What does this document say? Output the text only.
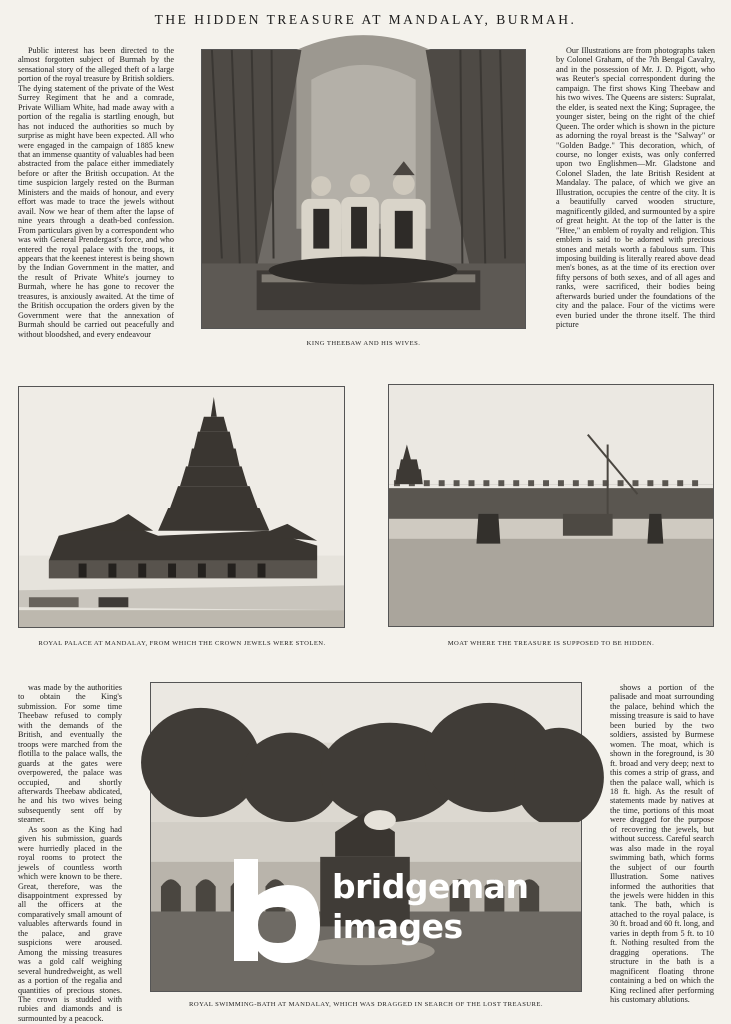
THE HIDDEN TREASURE AT MANDALAY, BURMAH.

Public interest has been directed to the almost forgotten subject of Burmah by the sensational story of the alleged theft of a large portion of the royal treasure by British soldiers. The dying statement of the private of the West Surrey Regiment that he and a comrade, Private William White, had made away with a portion of the regalia is startling enough, but has not induced the authorities so much by surprise as might have been expected. All who were engaged in the campaign of 1885 knew that an immense quantity of valuables had been abstracted from the palace either immediately before or after the British occupation. At the time suspicion largely rested on the Burman Ministers and the maids of honour, and every effort was made to trace the jewels without avail. Now we hear of them after the lapse of nine years through a death-bed confession. From particulars given by a correspondent who was with General Prendergast's force, and who entered the royal palace with the troops, it appears that the keenest interest is being shown by the Indian Government in the matter, and the result of Private White's journey to Burmah, where he has gone to recover the treasures, is anxiously awaited. At the time of the British occupation the orders given by the Government were that the annexation of Burmah should be carried out peacefully and without bloodshed, and every endeavour

KING THEEBAW AND HIS WIVES.

Our Illustrations are from photographs taken by Colonel Graham, of the 7th Bengal Cavalry, and in the possession of Mr. J. D. Pigott, who was Reuter's special correspondent during the campaign. The first shows King Theebaw and his two wives. The Queens are sisters: Supralat, the elder, is seated next the King; Supragee, the younger sister, being on the right of the chief Queen. The order which is shown in the picture as adorning the royal breast is the "Salway" or "Golden Badge." This decoration, which, of course, no longer exists, was only conferred upon two Englishmen—Mr. Gladstone and Colonel Sladen, the late British Resident at Mandalay. The palace, of which we give an Illustration, occupies the centre of the city. It is a beautifully carved wooden structure, magnificently gilded, and surmounted by a spire of great height. At the top of the latter is the "Htee," an emblem of royalty and religion. This emblem is said to be adorned with precious stones and metals worth a fabulous sum. This imposing building is literally reared above dead men's bones, as at the time of its erection over fifty persons of both sexes, and of all ages and ranks, were sacrificed, their bodies being afterwards buried under the foundations of the city and the palace. Four of the victims were even buried under the throne itself. The third picture

ROYAL PALACE AT MANDALAY, FROM WHICH THE CROWN JEWELS WERE STOLEN.	MOAT WHERE THE TREASURE IS SUPPOSED TO BE HIDDEN.

was made by the authorities to obtain the King's submission. For some time Theebaw refused to comply with the demands of the British, and eventually the troops were marched from the flotilla to the palace walls, the guards at the gates were overpowered, the palace was occupied, and shortly afterwards Theebaw abdicated, he and his two wives being subsequently sent off by steamer.

As soon as the King had given his submission, guards were hurriedly placed in the royal rooms to protect the jewels of countless worth which were known to be there. Great, therefore, was the disappointment expressed by all the officers at the comparatively small amount of valuables afterwards found in the palace, and grave suspicions were aroused. Among the missing treasures was a gold calf weighing several hundredweight, as well as a portion of the regalia and quantities of precious stones. The crown is studded with rubies and diamonds and is surmounted by a peacock.

ROYAL SWIMMING-BATH AT MANDALAY, WHICH WAS DRAGGED IN SEARCH OF THE LOST TREASURE.

shows a portion of the palisade and moat surrounding the palace, behind which the missing treasure is said to have been buried by the two soldiers, assisted by Burmese women. The moat, which is shown in the foreground, is 30 ft. broad and very deep; next to this comes a strip of grass, and then the palace wall, which is 18 ft. high. As the result of statements made by natives at the time, portions of this moat were dragged for the purpose of recovering the jewels, but without success. Careful search was also made in the royal swimming bath, which forms the subject of our fourth Illustration. Some natives informed the authorities that the jewels were hidden in this tank. The bath, which is attached to the royal palace, is 30 ft. broad and 60 ft. long, and varies in depth from 5 ft. to 10 ft. Nothing resulted from the dragging operations. The structure in the bath is a magnificent floating throne containing a bed on which the King reclined after performing his customary ablutions.

bridgeman
images
